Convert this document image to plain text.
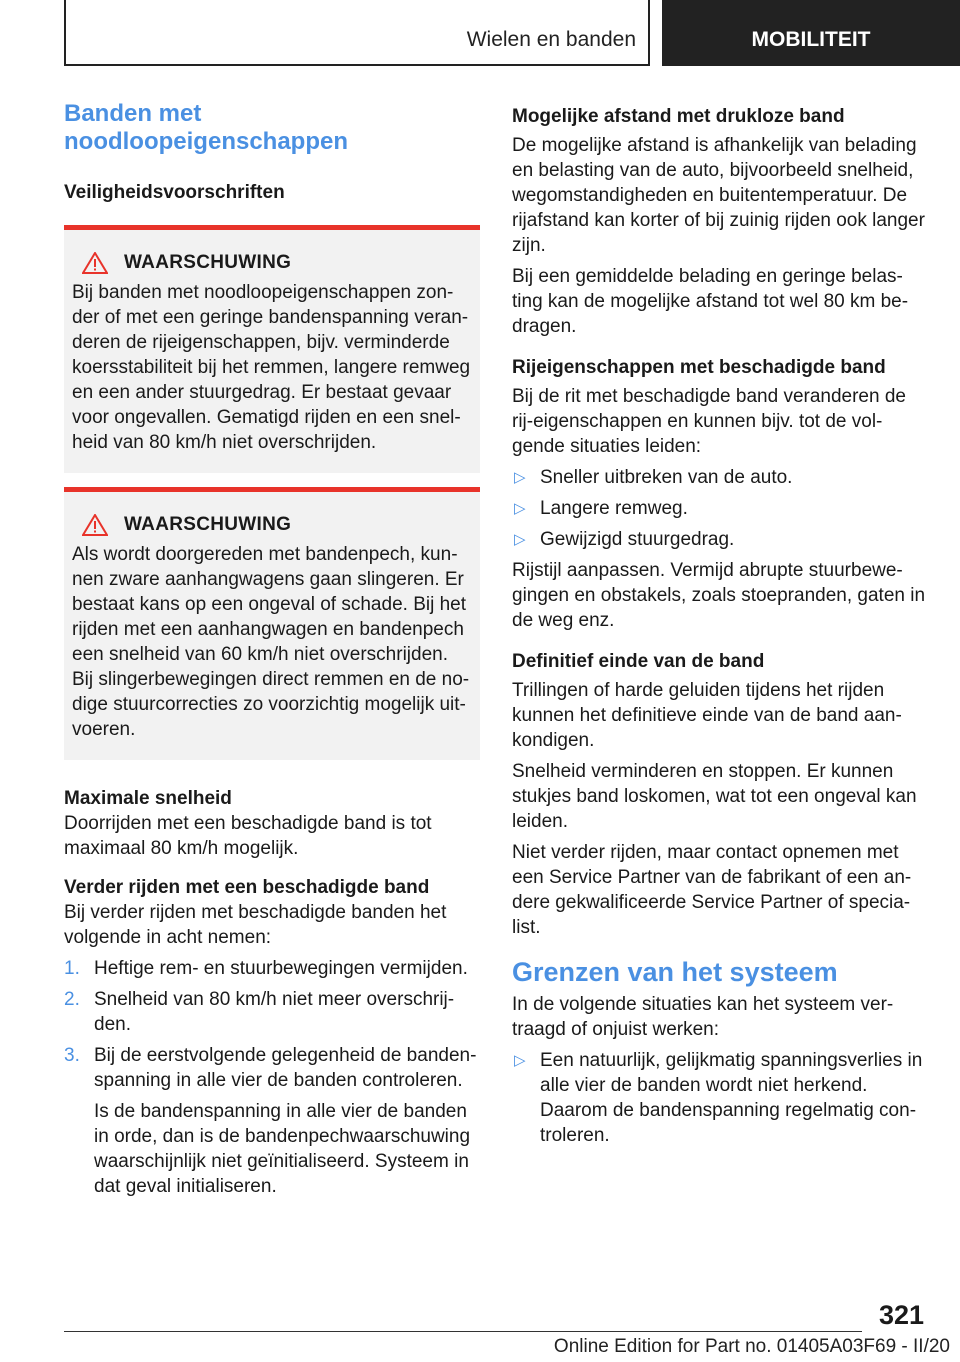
Wielen en banden	MOBILITEIT
Banden met
noodloopeigenschappen
Veiligheidsvoorschriften
WAARSCHUWING

Bij banden met noodloopeigenschappen zon- der of met een geringe bandenspanning veran- deren de rijeigenschappen, bijv. verminderde koersstabiliteit bij het remmen, langere remweg en een ander stuurgedrag. Er bestaat gevaar voor ongevallen. Gematigd rijden en een snel- heid van 80 km/h niet overschrijden.

WAARSCHUWING

Als wordt doorgereden met bandenpech, kun- nen zware aanhangwagens gaan slingeren. Er bestaat kans op een ongeval of schade. Bij het rijden met een aanhangwagen en bandenpech een snelheid van 60 km/h niet overschrijden. Bij slingerbewegingen direct remmen en de no- dige stuurcorrecties zo voorzichtig mogelijk uit- voeren.

Maximale snelheid

Doorrijden met een beschadigde band is tot maximaal 80 km/h mogelijk.

Verder rijden met een beschadigde band

Bij verder rijden met beschadigde banden het volgende in acht nemen:

1. Heftige rem- en stuurbewegingen vermijden.
2. Snelheid van 80 km/h niet meer overschrij- den.
3. Bij de eerstvolgende gelegenheid de banden- spanning in alle vier de banden controleren.
Is de bandenspanning in alle vier de banden in orde, dan is de bandenpechwaarschuwing waarschijnlijk niet geïnitialiseerd. Systeem in dat geval initialiseren.
Mogelijke afstand met drukloze band

De mogelijke afstand is afhankelijk van belading en belasting van de auto, bijvoorbeeld snelheid, wegomstandigheden en buitentemperatuur. De rijafstand kan korter of bij zuinig rijden ook langer zijn.

Bij een gemiddelde belading en geringe belas- ting kan de mogelijke afstand tot wel 80 km be- dragen.

Rijeigenschappen met beschadigde band

Bij de rit met beschadigde band veranderen de rij-eigenschappen en kunnen bijv. tot de vol- gende situaties leiden:

▷ Sneller uitbreken van de auto.
▷ Langere remweg.
▷ Gewijzigd stuurgedrag.

Rijstijl aanpassen. Vermijd abrupte stuurbewe- gingen en obstakels, zoals stoepranden, gaten in de weg enz.

Definitief einde van de band

Trillingen of harde geluiden tijdens het rijden kunnen het definitieve einde van de band aan- kondigen.

Snelheid verminderen en stoppen. Er kunnen stukjes band loskomen, wat tot een ongeval kan leiden.

Niet verder rijden, maar contact opnemen met een Service Partner van de fabrikant of een an- dere gekwalificeerde Service Partner of specia- list.

Grenzen van het systeem

In de volgende situaties kan het systeem ver- traagd of onjuist werken:

▷ Een natuurlijk, gelijkmatig spanningsverlies in alle vier de banden wordt niet herkend. Daarom de bandenspanning regelmatig con- troleren.
321
Online Edition for Part no. 01405A03F69 - II/20
